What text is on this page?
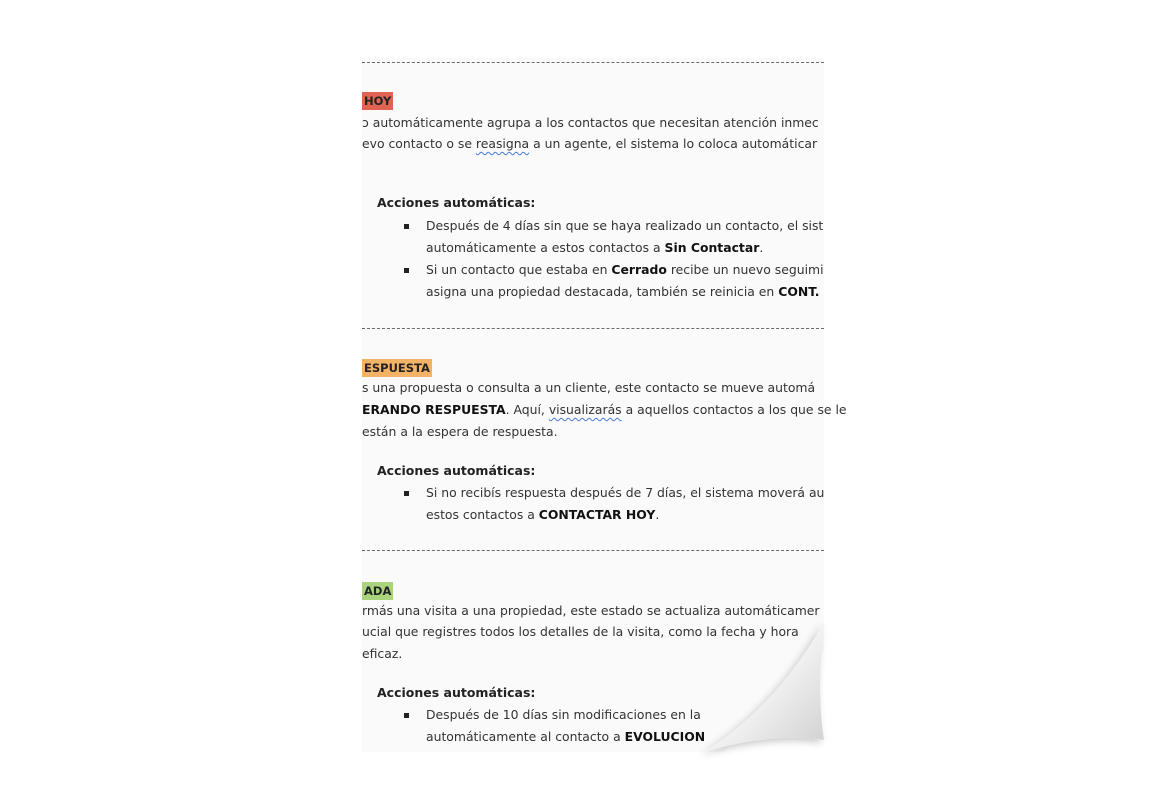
HOY
ɔ automáticamente agrupa a los contactos que necesitan atención inmec
evo contacto o se reasigna a un agente, el sistema lo coloca automáticar
Acciones automáticas:
Después de 4 días sin que se haya realizado un contacto, el sist
automáticamente a estos contactos a Sin Contactar.
Si un contacto que estaba en Cerrado recibe un nuevo seguimi
asigna una propiedad destacada, también se reinicia en CONT.
ESPUESTA
s una propuesta o consulta a un cliente, este contacto se mueve automá
ERANDO RESPUESTA. Aquí, visualizarás a aquellos contactos a los que se le
están a la espera de respuesta.
Acciones automáticas:
Si no recibís respuesta después de 7 días, el sistema moverá au
estos contactos a CONTACTAR HOY.
ADA
rmás una visita a una propiedad, este estado se actualiza automáticamer
ucial que registres todos los detalles de la visita, como la fecha y hora
eficaz.
Acciones automáticas:
Después de 10 días sin modificaciones en la
automáticamente al contacto a EVOLUCION
